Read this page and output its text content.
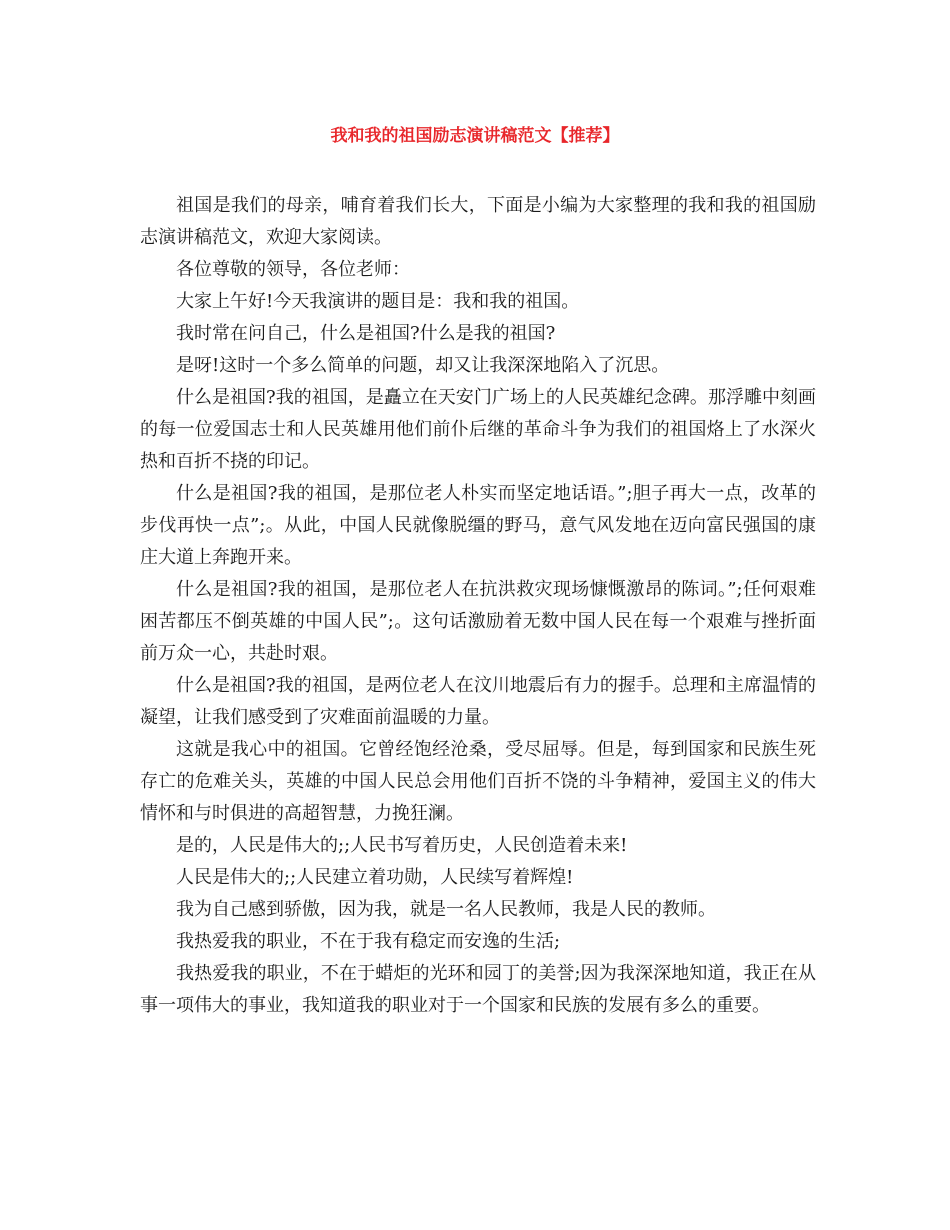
我和我的祖国励志演讲稿范文【推荐】

祖国是我们的母亲，哺育着我们长大，下面是小编为大家整理的我和我的祖国励志演讲稿范文，欢迎大家阅读。

各位尊敬的领导，各位老师：

大家上午好!今天我演讲的题目是：我和我的祖国。

我时常在问自己，什么是祖国?什么是我的祖国?

是呀!这时一个多么简单的问题，却又让我深深地陷入了沉思。

什么是祖国?我的祖国，是矗立在天安门广场上的人民英雄纪念碑。那浮雕中刻画的每一位爱国志士和人民英雄用他们前仆后继的革命斗争为我们的祖国烙上了水深火热和百折不挠的印记。

什么是祖国?我的祖国，是那位老人朴实而坚定地话语。”;胆子再大一点，改革的步伐再快一点”;。从此，中国人民就像脱缰的野马，意气风发地在迈向富民强国的康庄大道上奔跑开来。

什么是祖国?我的祖国，是那位老人在抗洪救灾现场慷慨激昂的陈词。”;任何艰难困苦都压不倒英雄的中国人民”;。这句话激励着无数中国人民在每一个艰难与挫折面前万众一心，共赴时艰。

什么是祖国?我的祖国，是两位老人在汶川地震后有力的握手。总理和主席温情的凝望，让我们感受到了灾难面前温暖的力量。

这就是我心中的祖国。它曾经饱经沧桑，受尽屈辱。但是，每到国家和民族生死存亡的危难关头，英雄的中国人民总会用他们百折不饶的斗争精神，爱国主义的伟大情怀和与时俱进的高超智慧，力挽狂澜。

是的，人民是伟大的;;人民书写着历史，人民创造着未来!

人民是伟大的;;人民建立着功勋，人民续写着辉煌!

我为自己感到骄傲，因为我，就是一名人民教师，我是人民的教师。

我热爱我的职业，不在于我有稳定而安逸的生活;

我热爱我的职业，不在于蜡炬的光环和园丁的美誉;因为我深深地知道，我正在从事一项伟大的事业，我知道我的职业对于一个国家和民族的发展有多么的重要。
